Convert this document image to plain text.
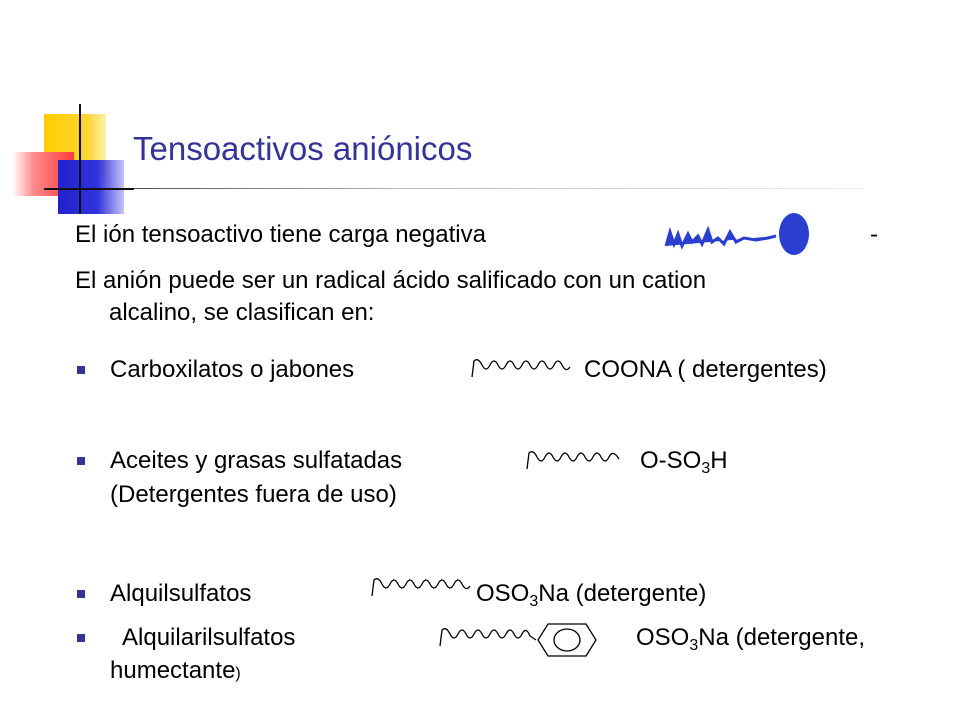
Tensoactivos aniónicos
El ión tensoactivo tiene carga negativa	-
El anión puede ser un radical ácido salificado con un cation
alcalino, se clasifican en:
Carboxilatos o jabones	COONA ( detergentes)
Aceites y grasas sulfatadas	$O-SO_3H$
(Detergentes fuera de uso)
Alquilsulfatos	$OSO_3Na$ (detergente)
Alquilarilsulfatos	$OSO_3Na$ (detergente,
humectante)
